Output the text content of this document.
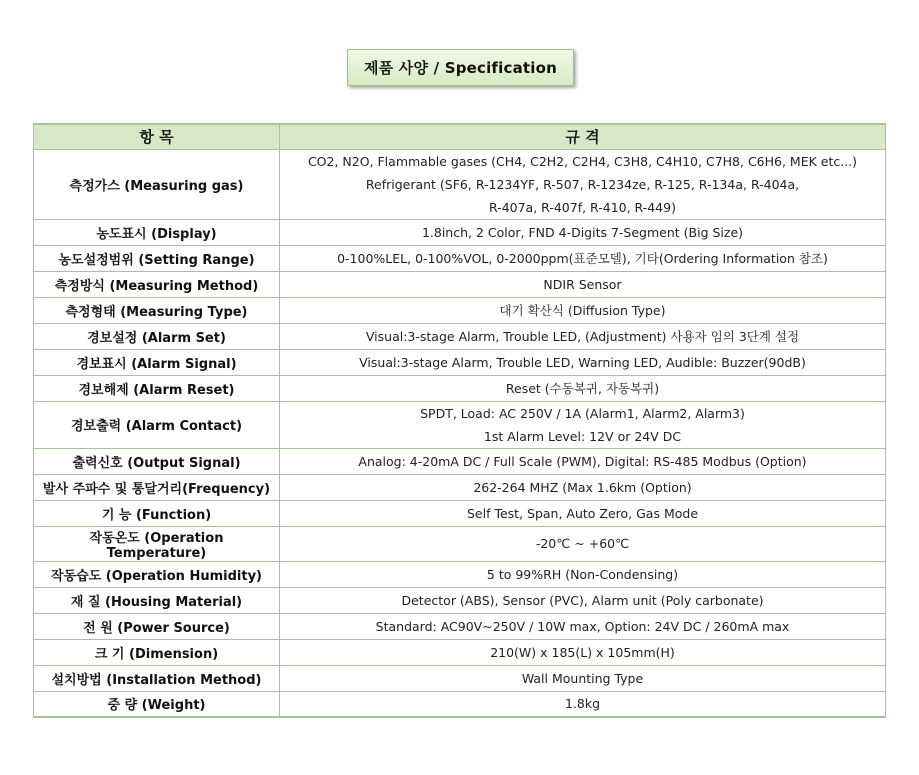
제품 사양 / Specification
항 목	규 격
측정가스 (Measuring gas)	CO2, N2O, Flammable gases (CH4, C2H2, C2H4, C3H8, C4H10, C7H8, C6H6, MEK etc...)
Refrigerant (SF6, R-1234YF, R-507, R-1234ze, R-125, R-134a, R-404a,
R-407a, R-407f, R-410, R-449)

농도표시 (Display)	1.8inch, 2 Color, FND 4-Digits 7-Segment (Big Size)

농도설정범위 (Setting Range)	0-100%LEL, 0-100%VOL, 0-2000ppm(표준모델), 기타(Ordering Information 참조)

측정방식 (Measuring Method)	NDIR Sensor

측정형태 (Measuring Type)	대기 확산식 (Diffusion Type)

경보설정 (Alarm Set)	Visual:3-stage Alarm, Trouble LED, (Adjustment) 사용자 임의 3단계 설정

경보표시 (Alarm Signal)	Visual:3-stage Alarm, Trouble LED, Warning LED, Audible: Buzzer(90dB)

경보해제 (Alarm Reset)	Reset (수동복귀, 자동복귀)

경보출력 (Alarm Contact)	SPDT, Load: AC 250V / 1A (Alarm1, Alarm2, Alarm3)
1st Alarm Level: 12V or 24V DC

출력신호 (Output Signal)	Analog: 4-20mA DC / Full Scale (PWM), Digital: RS-485 Modbus (Option)

발사 주파수 및 통달거리(Frequency)	262-264 MHZ (Max 1.6km (Option)

기 능 (Function)	Self Test, Span, Auto Zero, Gas Mode

작동온도 (Operation Temperature)	-20℃ ~ +60℃

작동습도 (Operation Humidity)	5 to 99%RH (Non-Condensing)

재 질 (Housing Material)	Detector (ABS), Sensor (PVC), Alarm unit (Poly carbonate)

전 원 (Power Source)	Standard: AC90V~250V / 10W max, Option: 24V DC / 260mA max

크 기 (Dimension)	210(W) x 185(L) x 105mm(H)

설치방법 (Installation Method)	Wall Mounting Type

중 량 (Weight)	1.8kg
